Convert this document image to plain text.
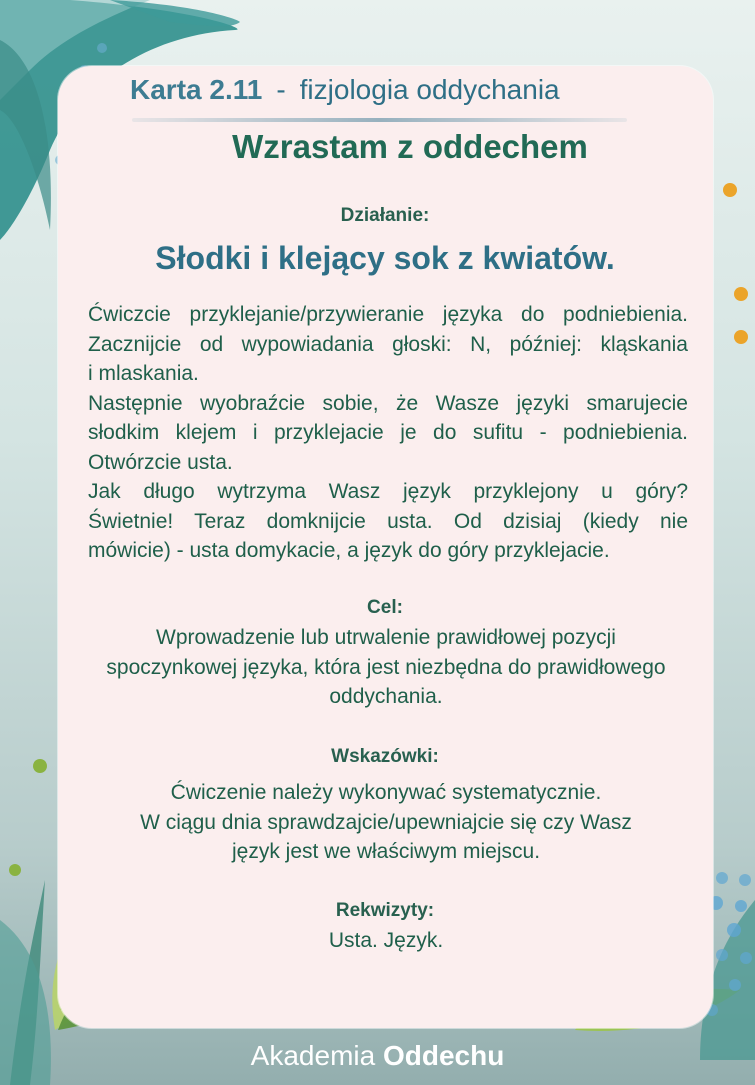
Karta 2.11 - fizjologia oddychania
Wzrastam z oddechem
Działanie:
Słodki i klejący sok z kwiatów.

Ćwiczcie przyklejanie/przywieranie języka do podniebienia.

Zacznijcie od wypowiadania głoski: N, później: kląskania

i mlaskania.

Następnie wyobraźcie sobie, że Wasze języki smarujecie

słodkim klejem i przyklejacie je do sufitu - podniebienia.

Otwórzcie usta.

Jak długo wytrzyma Wasz język przyklejony u góry?

Świetnie! Teraz domknijcie usta. Od dzisiaj (kiedy nie

mówicie) - usta domykacie, a język do góry przyklejacie.

Cel:

Wprowadzenie lub utrwalenie prawidłowej pozycji

spoczynkowej języka, która jest niezbędna do prawidłowego

oddychania.

Wskazówki:

Ćwiczenie należy wykonywać systematycznie.

W ciągu dnia sprawdzajcie/upewniajcie się czy Wasz

język jest we właściwym miejscu.

Rekwizyty:
Usta. Język.
Akademia Oddechu
